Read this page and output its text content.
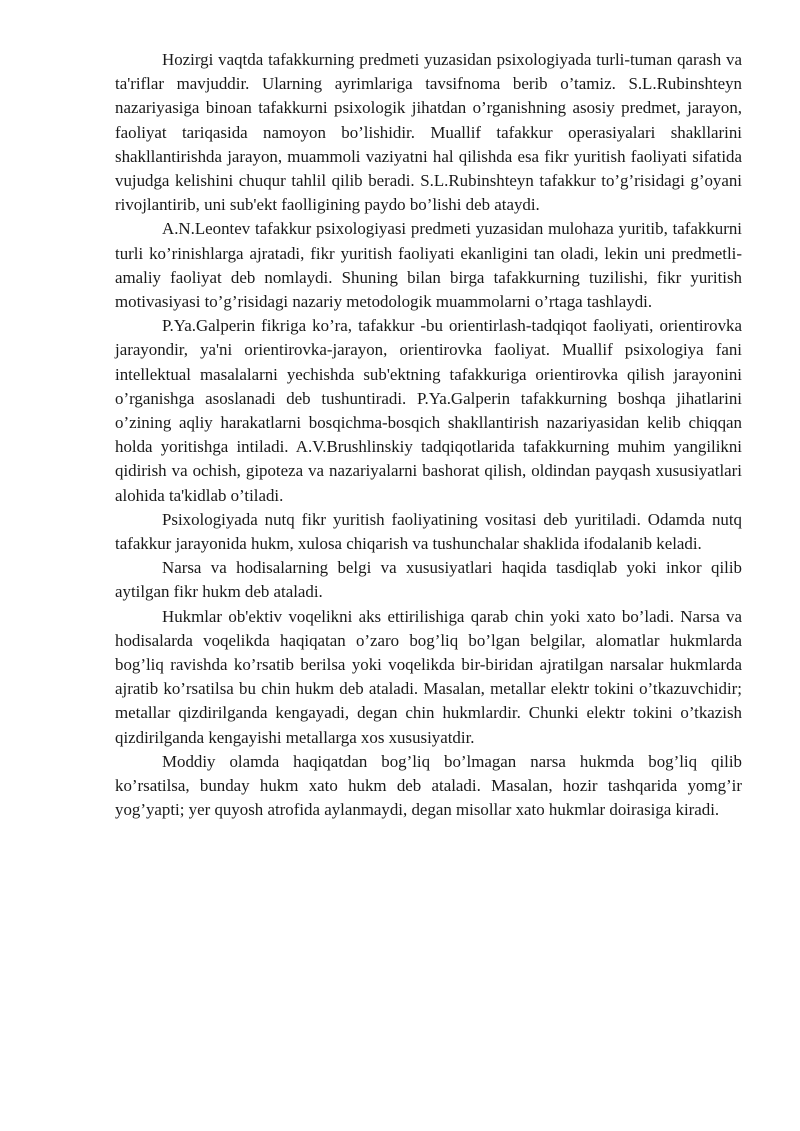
Hozirgi vaqtda tafakkurning predmeti yuzasidan psixologiyada turli-tuman qarash va ta'riflar mavjuddir. Ularning ayrimlariga tavsifnoma berib o’tamiz. S.L.Rubinshteyn nazariyasiga binoan tafakkurni psixologik jihatdan o’rganishning asosiy predmet, jarayon, faoliyat tariqasida namoyon bo’lishidir. Muallif tafakkur operasiyalari shakllarini shakllantirishda jarayon, muammoli vaziyatni hal qilishda esa fikr yuritish faoliyati sifatida vujudga kelishini chuqur tahlil qilib beradi. S.L.Rubinshteyn tafakkur to’g’risidagi g’oyani rivojlantirib, uni sub'ekt faolligining paydo bo’lishi deb ataydi.

A.N.Leontev tafakkur psixologiyasi predmeti yuzasidan mulohaza yuritib, tafakkurni turli ko’rinishlarga ajratadi, fikr yuritish faoliyati ekanligini tan oladi, lekin uni predmetli-amaliy faoliyat deb nomlaydi. Shuning bilan birga tafakkurning tuzilishi, fikr yuritish motivasiyasi to’g’risidagi nazariy metodologik muammolarni o’rtaga tashlaydi.

P.Ya.Galperin fikriga ko’ra, tafakkur -bu orientirlash-tadqiqot faoliyati, orientirovka jarayondir, ya'ni orientirovka-jarayon, orientirovka faoliyat. Muallif psixologiya fani intellektual masalalarni yechishda sub'ektning tafakkuriga orientirovka qilish jarayonini o’rganishga asoslanadi deb tushuntiradi. P.Ya.Galperin tafakkurning boshqa jihatlarini o’zining aqliy harakatlarni bosqichma-bosqich shakllantirish nazariyasidan kelib chiqqan holda yoritishga intiladi. A.V.Brushlinskiy tadqiqotlarida tafakkurning muhim yangilikni qidirish va ochish, gipoteza va nazariyalarni bashorat qilish, oldindan payqash xususiyatlari alohida ta'kidlab o’tiladi.

Psixologiyada nutq fikr yuritish faoliyatining vositasi deb yuritiladi. Odamda nutq tafakkur jarayonida hukm, xulosa chiqarish va tushunchalar shaklida ifodalanib keladi.

Narsa va hodisalarning belgi va xususiyatlari haqida tasdiqlab yoki inkor qilib aytilgan fikr hukm deb ataladi.

Hukmlar ob'ektiv voqelikni aks ettirilishiga qarab chin yoki xato bo’ladi. Narsa va hodisalarda voqelikda haqiqatan o’zaro bog’liq bo’lgan belgilar, alomatlar hukmlarda bog’liq ravishda ko’rsatib berilsa yoki voqelikda bir-biridan ajratilgan narsalar hukmlarda ajratib ko’rsatilsa bu chin hukm deb ataladi. Masalan, metallar elektr tokini o’tkazuvchidir; metallar qizdirilganda kengayadi, degan chin hukmlardir. Chunki elektr tokini o’tkazish qizdirilganda kengayishi metallarga xos xususiyatdir.

Moddiy olamda haqiqatdan bog’liq bo’lmagan narsa hukmda bog’liq qilib ko’rsatilsa, bunday hukm xato hukm deb ataladi. Masalan, hozir tashqarida yomg’ir yog’yapti; yer quyosh atrofida aylanmaydi, degan misollar xato hukmlar doirasiga kiradi.
